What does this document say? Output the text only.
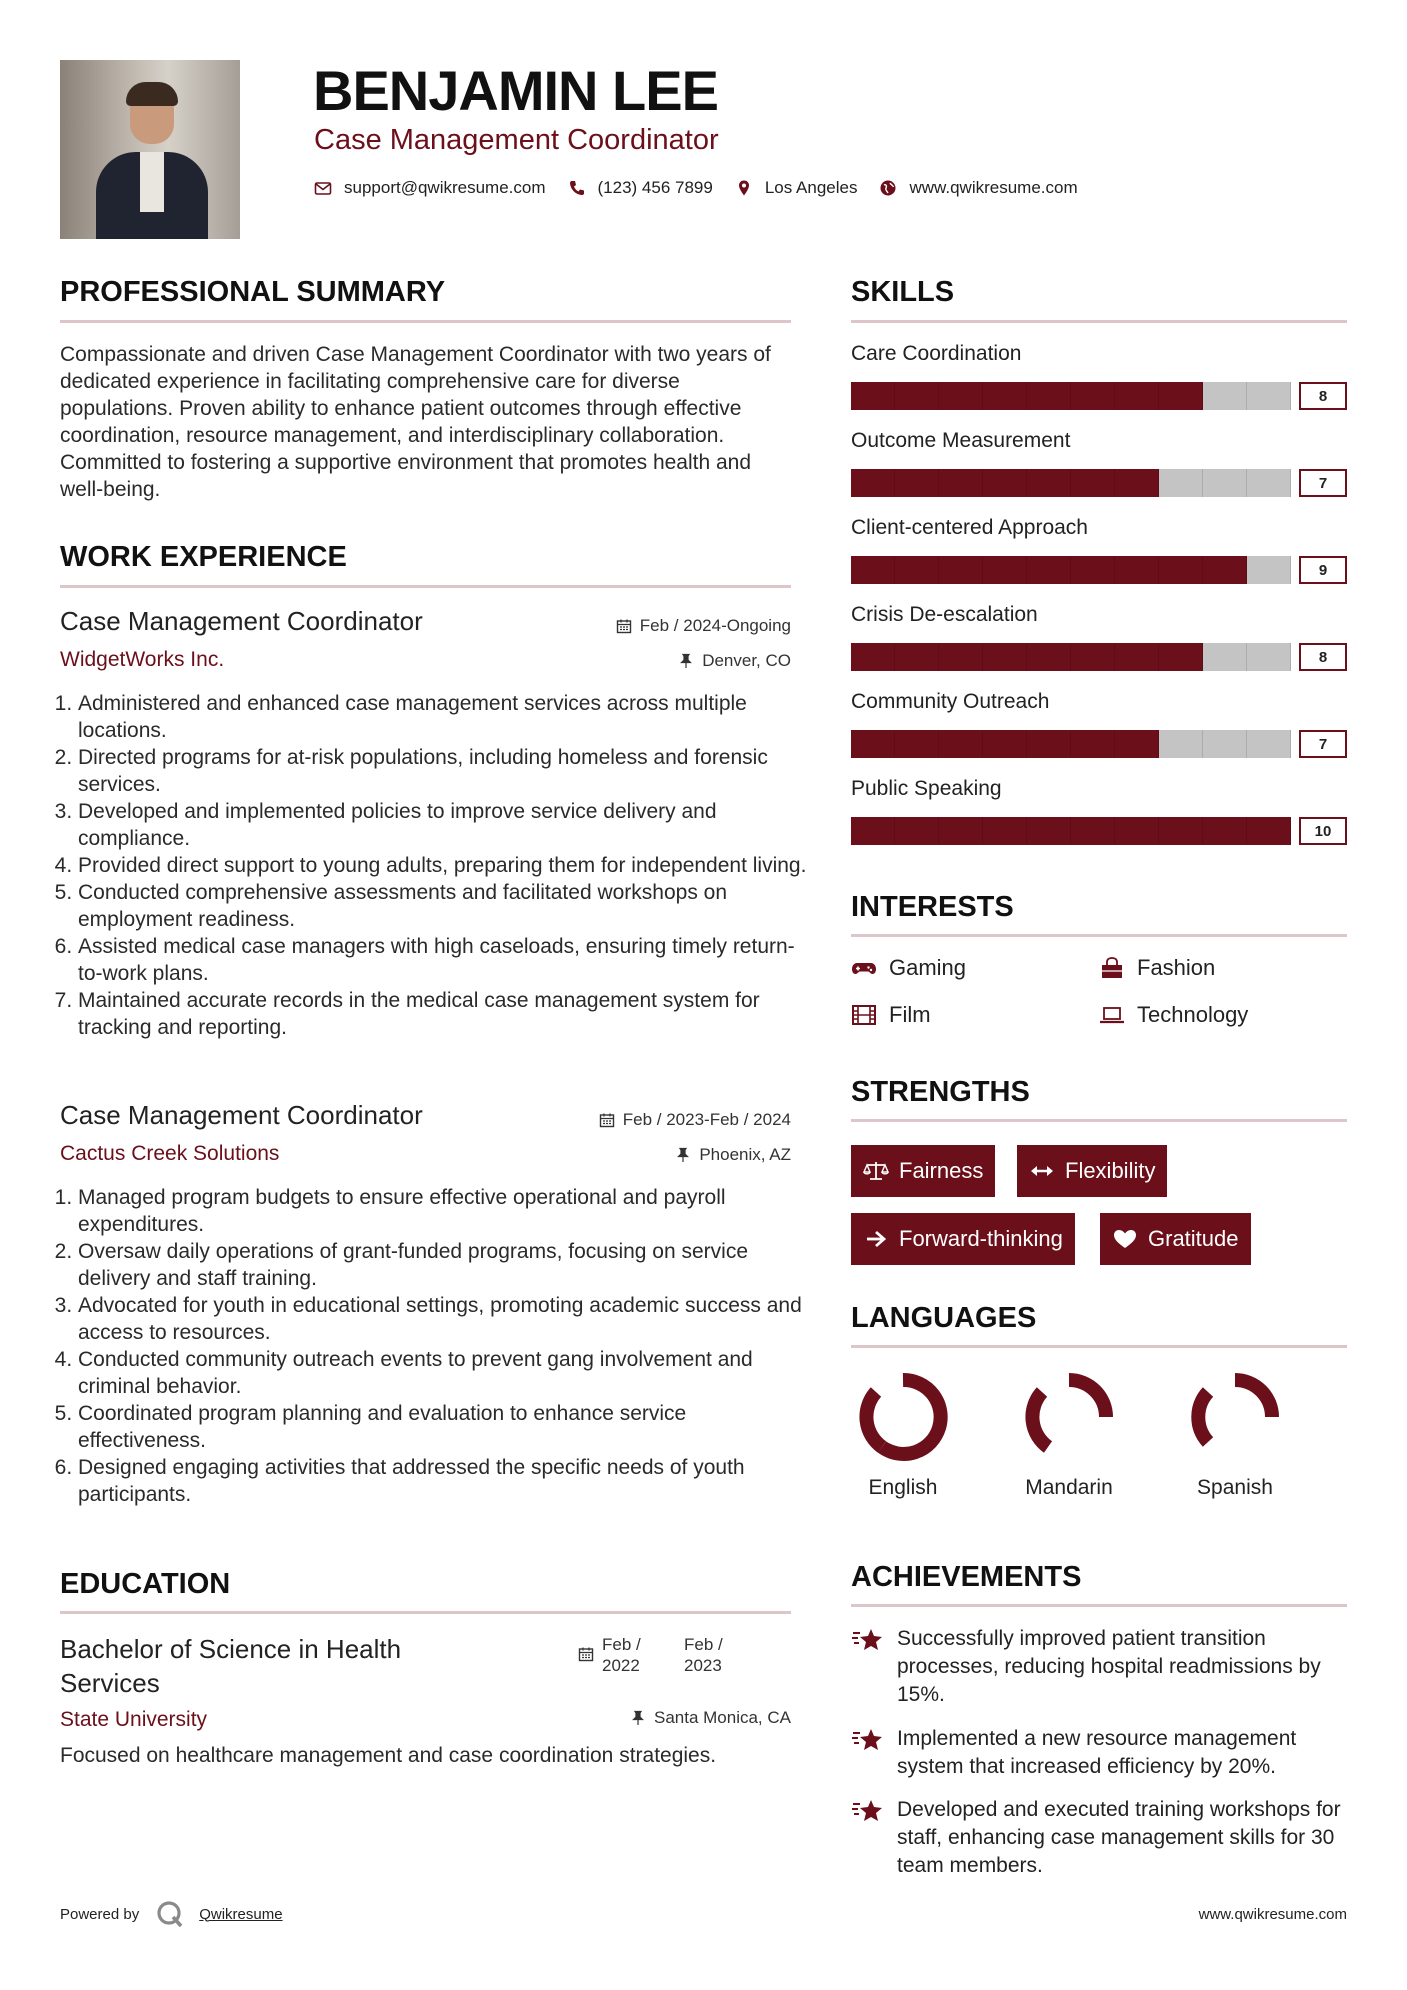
BENJAMIN LEE
Case Management Coordinator
support@qwikresume.com	(123) 456 7899	Los Angeles	www.qwikresume.com
PROFESSIONAL SUMMARY

Compassionate and driven Case Management Coordinator with two years of dedicated experience in facilitating comprehensive care for diverse populations. Proven ability to enhance patient outcomes through effective coordination, resource management, and interdisciplinary collaboration. Committed to fostering a supportive environment that promotes health and well-being.

WORK EXPERIENCE
Case Management Coordinator	Feb / 2024-Ongoing
WidgetWorks Inc.	Denver, CO
1. Administered and enhanced case management services across multiple locations.
2. Directed programs for at-risk populations, including homeless and forensic services.
3. Developed and implemented policies to improve service delivery and compliance.
4. Provided direct support to young adults, preparing them for independent living.
5. Conducted comprehensive assessments and facilitated workshops on employment readiness.
6. Assisted medical case managers with high caseloads, ensuring timely return-to-work plans.
7. Maintained accurate records in the medical case management system for tracking and reporting.
Case Management Coordinator	Feb / 2023-Feb / 2024
Cactus Creek Solutions	Phoenix, AZ
1. Managed program budgets to ensure effective operational and payroll expenditures.
2. Oversaw daily operations of grant-funded programs, focusing on service delivery and staff training.
3. Advocated for youth in educational settings, promoting academic success and access to resources.
4. Conducted community outreach events to prevent gang involvement and criminal behavior.
5. Coordinated program planning and evaluation to enhance service effectiveness.
6. Designed engaging activities that addressed the specific needs of youth participants.
EDUCATION
Bachelor of Science in Health Services
Feb / 2022
Feb / 2023
State University	Santa Monica, CA
Focused on healthcare management and case coordination strategies.
SKILLS
Care Coordination
8
Outcome Measurement
7
Client-centered Approach
9
Crisis De-escalation
8
Community Outreach
7
Public Speaking
10
INTERESTS
Gaming	Fashion
Film	Technology
STRENGTHS
Fairness	Flexibility
Forward-thinking	Gratitude
LANGUAGES
English	Mandarin	Spanish
ACHIEVEMENTS
Successfully improved patient transition processes, reducing hospital readmissions by 15%.
Implemented a new resource management system that increased efficiency by 20%.
Developed and executed training workshops for staff, enhancing case management skills for 30 team members.
Powered by	Qwikresume	www.qwikresume.com
